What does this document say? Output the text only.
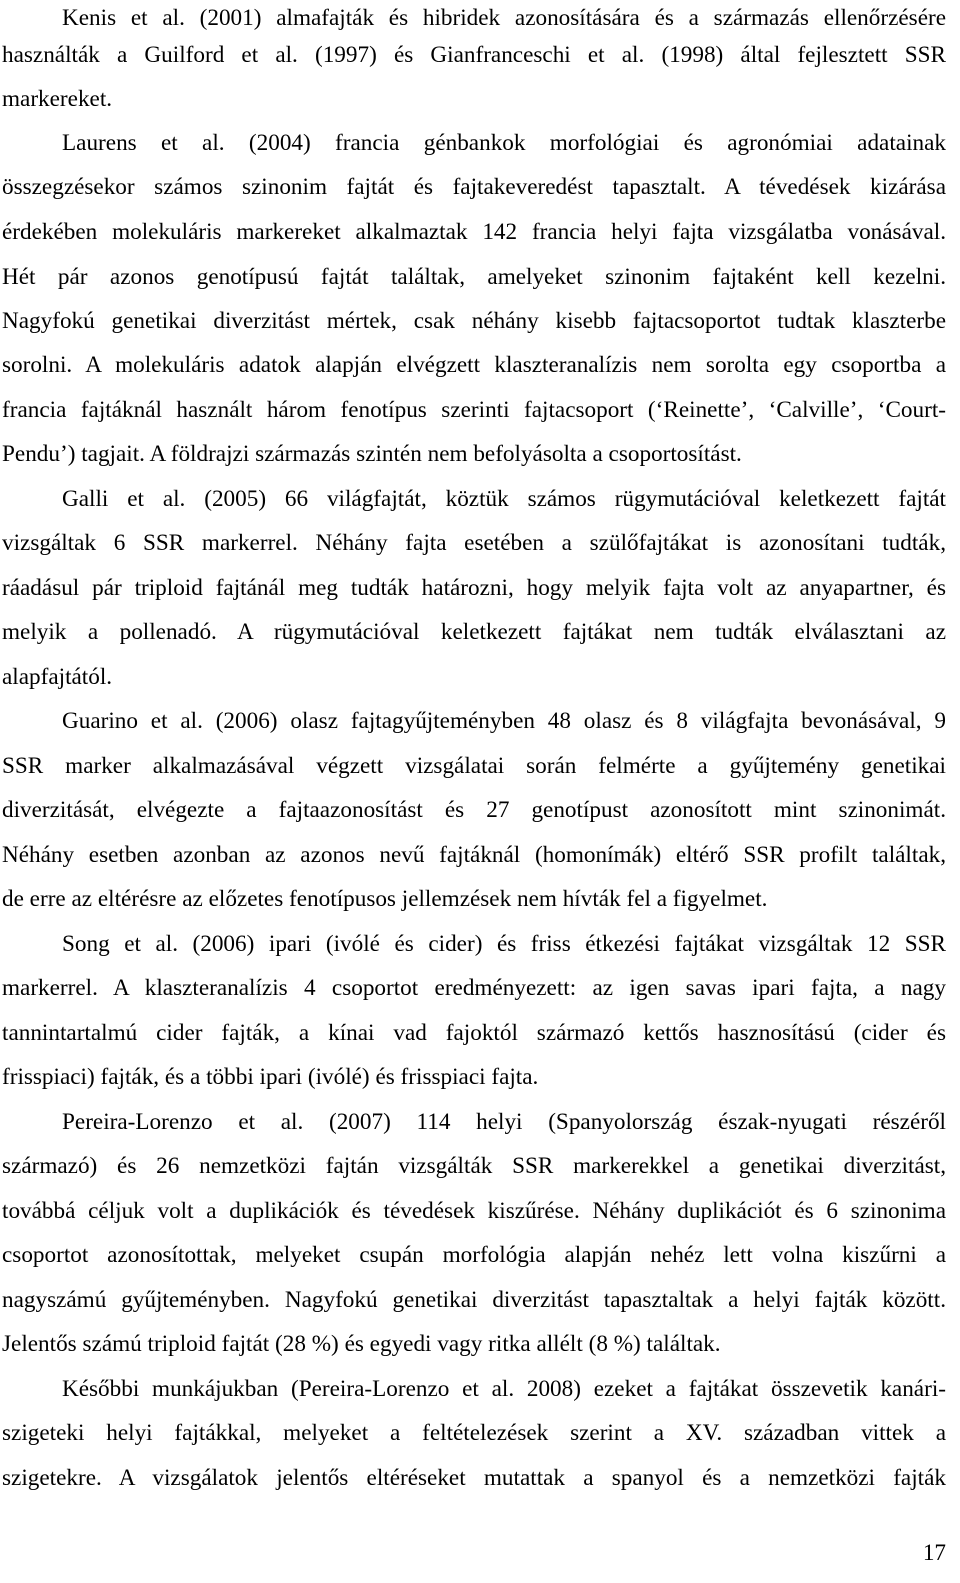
Kenis et al. (2001) almafajták és hibridek azonosítására és a származás ellenőrzésére
használták a Guilford et al. (1997) és Gianfranceschi et al. (1998) által fejlesztett SSR
markereket.
Laurens et al. (2004) francia génbankok morfológiai és agronómiai adatainak
összegzésekor számos szinonim fajtát és fajtakeveredést tapasztalt. A tévedések kizárása
érdekében molekuláris markereket alkalmaztak 142 francia helyi fajta vizsgálatba vonásával.
Hét pár azonos genotípusú fajtát találtak, amelyeket szinonim fajtaként kell kezelni.
Nagyfokú genetikai diverzitást mértek, csak néhány kisebb fajtacsoportot tudtak klaszterbe
sorolni. A molekuláris adatok alapján elvégzett klaszteranalízis nem sorolta egy csoportba a
francia fajtáknál használt három fenotípus szerinti fajtacsoport (‘Reinette’, ‘Calville’, ‘Court-
Pendu’) tagjait. A földrajzi származás szintén nem befolyásolta a csoportosítást.
Galli et al. (2005) 66 világfajtát, köztük számos rügymutációval keletkezett fajtát
vizsgáltak 6 SSR markerrel. Néhány fajta esetében a szülőfajtákat is azonosítani tudták,
ráadásul pár triploid fajtánál meg tudták határozni, hogy melyik fajta volt az anyapartner, és
melyik a pollenadó. A rügymutációval keletkezett fajtákat nem tudták elválasztani az
alapfajtától.
Guarino et al. (2006) olasz fajtagyűjteményben 48 olasz és 8 világfajta bevonásával, 9
SSR marker alkalmazásával végzett vizsgálatai során felmérte a gyűjtemény genetikai
diverzitását, elvégezte a fajtaazonosítást és 27 genotípust azonosított mint szinonimát.
Néhány esetben azonban az azonos nevű fajtáknál (homonímák) eltérő SSR profilt találtak,
de erre az eltérésre az előzetes fenotípusos jellemzések nem hívták fel a figyelmet.
Song et al. (2006) ipari (ivólé és cider) és friss étkezési fajtákat vizsgáltak 12 SSR
markerrel. A klaszteranalízis 4 csoportot eredményezett: az igen savas ipari fajta, a nagy
tannintartalmú cider fajták, a kínai vad fajoktól származó kettős hasznosítású (cider és
frisspiaci) fajták, és a többi ipari (ivólé) és frisspiaci fajta.
Pereira-Lorenzo et al. (2007) 114 helyi (Spanyolország észak-nyugati részéről
származó) és 26 nemzetközi fajtán vizsgálták SSR markerekkel a genetikai diverzitást,
továbbá céljuk volt a duplikációk és tévedések kiszűrése. Néhány duplikációt és 6 szinonima
csoportot azonosítottak, melyeket csupán morfológia alapján nehéz lett volna kiszűrni a
nagyszámú gyűjteményben. Nagyfokú genetikai diverzitást tapasztaltak a helyi fajták között.
Jelentős számú triploid fajtát (28 %) és egyedi vagy ritka allélt (8 %) találtak.
Későbbi munkájukban (Pereira-Lorenzo et al. 2008) ezeket a fajtákat összevetik kanári-
szigeteki helyi fajtákkal, melyeket a feltételezések szerint a XV. században vittek a
szigetekre. A vizsgálatok jelentős eltéréseket mutattak a spanyol és a nemzetközi fajták
17
